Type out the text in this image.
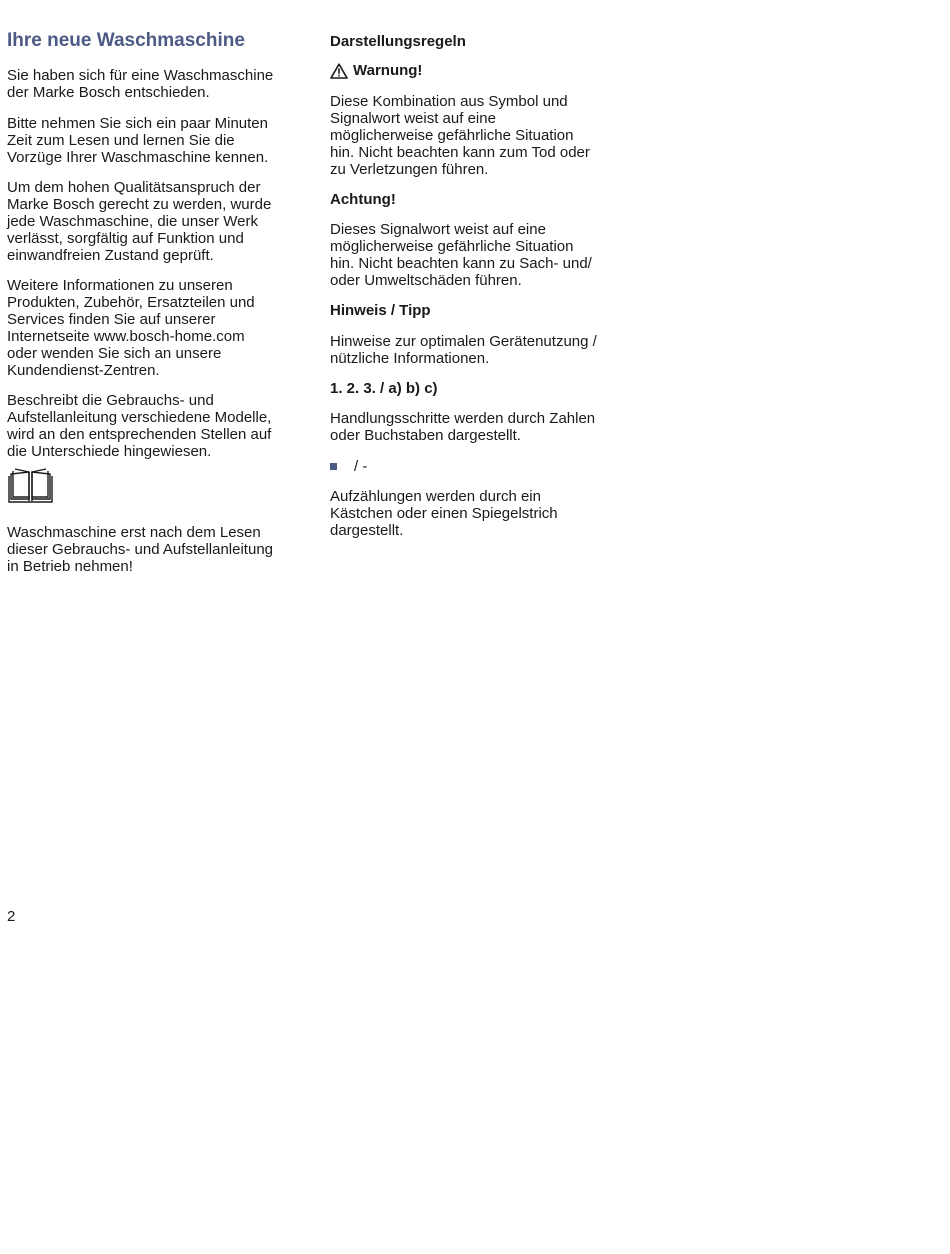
Ihre neue Waschmaschine

Sie haben sich für eine Waschmaschine
der Marke Bosch entschieden.

Bitte nehmen Sie sich ein paar Minuten
Zeit zum Lesen und lernen Sie die
Vorzüge Ihrer Waschmaschine kennen.

Um dem hohen Qualitätsanspruch der
Marke Bosch gerecht zu werden, wurde
jede Waschmaschine, die unser Werk
verlässt, sorgfältig auf Funktion und
einwandfreien Zustand geprüft.

Weitere Informationen zu unseren
Produkten, Zubehör, Ersatzteilen und
Services finden Sie auf unserer
Internetseite www.bosch-home.com
oder wenden Sie sich an unsere
Kundendienst-Zentren.

Beschreibt die Gebrauchs- und
Aufstellanleitung verschiedene Modelle,
wird an den entsprechenden Stellen auf
die Unterschiede hingewiesen.

Waschmaschine erst nach dem Lesen
dieser Gebrauchs- und Aufstellanleitung
in Betrieb nehmen!

Darstellungsregeln
Warnung!

Diese Kombination aus Symbol und
Signalwort weist auf eine
möglicherweise gefährliche Situation
hin. Nicht beachten kann zum Tod oder
zu Verletzungen führen.

Achtung!

Dieses Signalwort weist auf eine
möglicherweise gefährliche Situation
hin. Nicht beachten kann zu Sach- und/
oder Umweltschäden führen.

Hinweis / Tipp

Hinweise zur optimalen Gerätenutzung /
nützliche Informationen.

1. 2. 3. / a) b) c)

Handlungsschritte werden durch Zahlen
oder Buchstaben dargestellt.

/ -

Aufzählungen werden durch ein
Kästchen oder einen Spiegelstrich
dargestellt.

2
